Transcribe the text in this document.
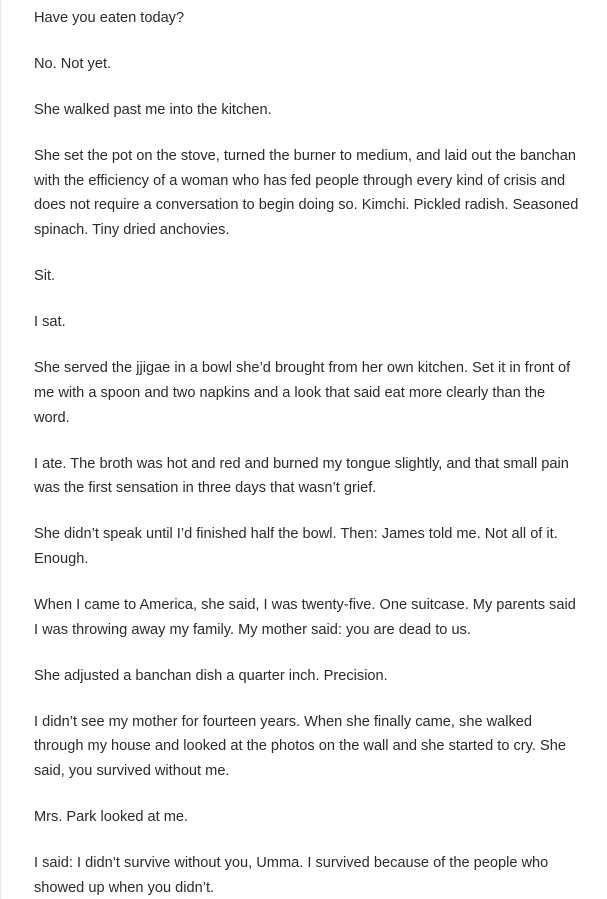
Have you eaten today?

No. Not yet.

She walked past me into the kitchen.

She set the pot on the stove, turned the burner to medium, and laid out the banchan with the efficiency of a woman who has fed people through every kind of crisis and does not require a conversation to begin doing so. Kimchi. Pickled radish. Seasoned spinach. Tiny dried anchovies.

Sit.

I sat.

She served the jjigae in a bowl she’d brought from her own kitchen. Set it in front of me with a spoon and two napkins and a look that said eat more clearly than the word.

I ate. The broth was hot and red and burned my tongue slightly, and that small pain was the first sensation in three days that wasn’t grief.

She didn’t speak until I’d finished half the bowl. Then: James told me. Not all of it. Enough.

When I came to America, she said, I was twenty-five. One suitcase. My parents said I was throwing away my family. My mother said: you are dead to us.

She adjusted a banchan dish a quarter inch. Precision.

I didn’t see my mother for fourteen years. When she finally came, she walked through my house and looked at the photos on the wall and she started to cry. She said, you survived without me.

Mrs. Park looked at me.

I said: I didn’t survive without you, Umma. I survived because of the people who showed up when you didn’t.
